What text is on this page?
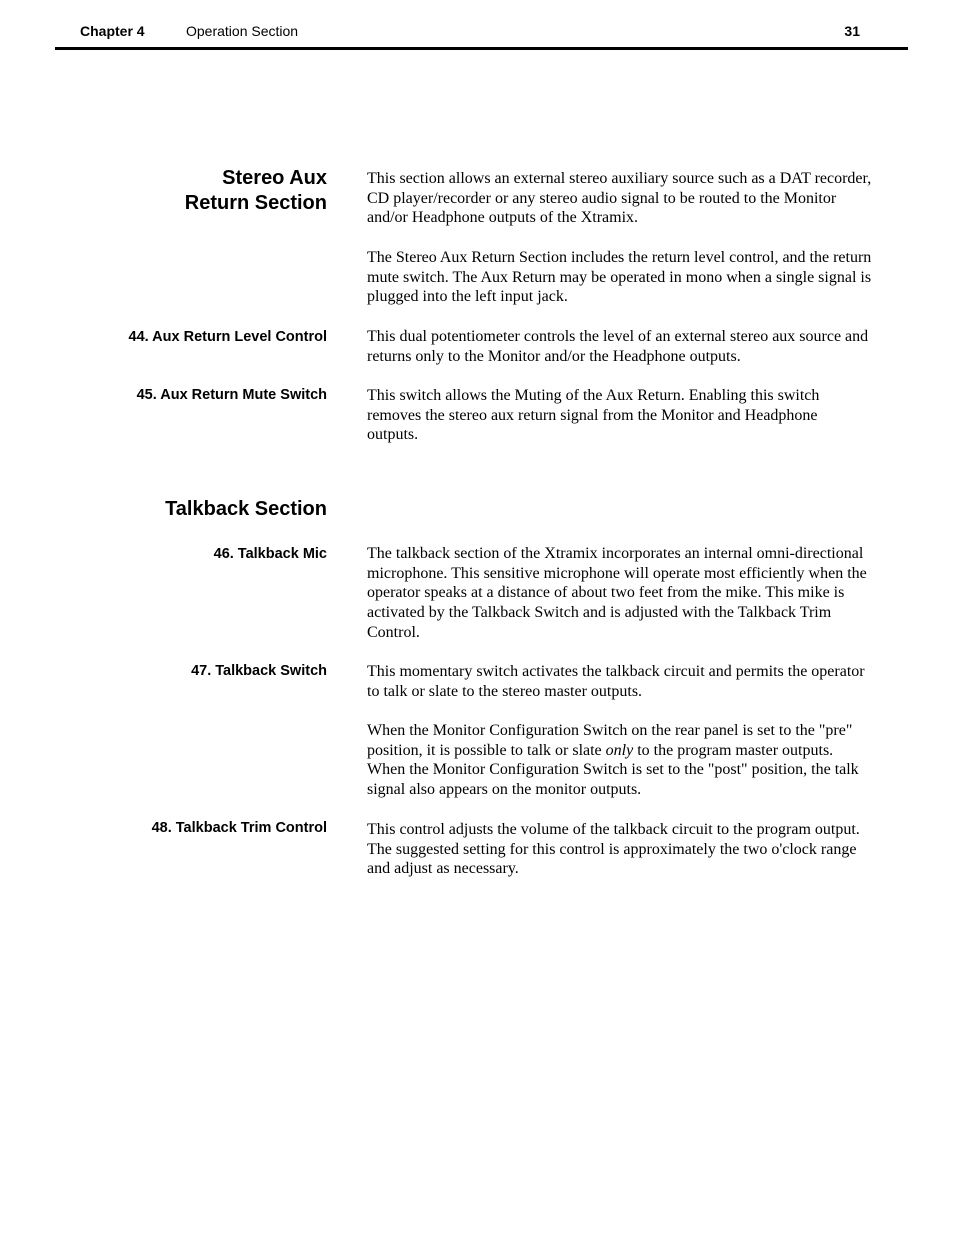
Chapter 4	Operation Section	31
Stereo Aux
Return Section

This section allows an external stereo auxiliary source such as a DAT recorder, CD player/recorder or any stereo audio signal to be routed to the Monitor and/or Headphone outputs of the Xtramix.

The Stereo Aux Return Section includes the return level control, and the return mute switch. The Aux Return may be operated in mono when a single signal is plugged into the left input jack.

44. Aux Return Level Control	This dual potentiometer controls the level of an external stereo aux source and returns only to the Monitor and/or the Headphone outputs.

45. Aux Return Mute Switch	This switch allows the Muting of the Aux Return. Enabling this switch removes the stereo aux return signal from the Monitor and Headphone outputs.

Talkback Section
46. Talkback Mic	The talkback section of the Xtramix incorporates an internal omni-directional microphone. This sensitive microphone will operate most efficiently when the operator speaks at a distance of about two feet from the mike. This mike is activated by the Talkback Switch and is adjusted with the Talkback Trim Control.

47. Talkback Switch	This momentary switch activates the talkback circuit and permits the operator to talk or slate to the stereo master outputs.

When the Monitor Configuration Switch on the rear panel is set to the "pre" position, it is possible to talk or slate only to the program master outputs. When the Monitor Configuration Switch is set to the "post" position, the talk signal also appears on the monitor outputs.

48. Talkback Trim Control	This control adjusts the volume of the talkback circuit to the program output. The suggested setting for this control is approximately the two o'clock range and adjust as necessary.
